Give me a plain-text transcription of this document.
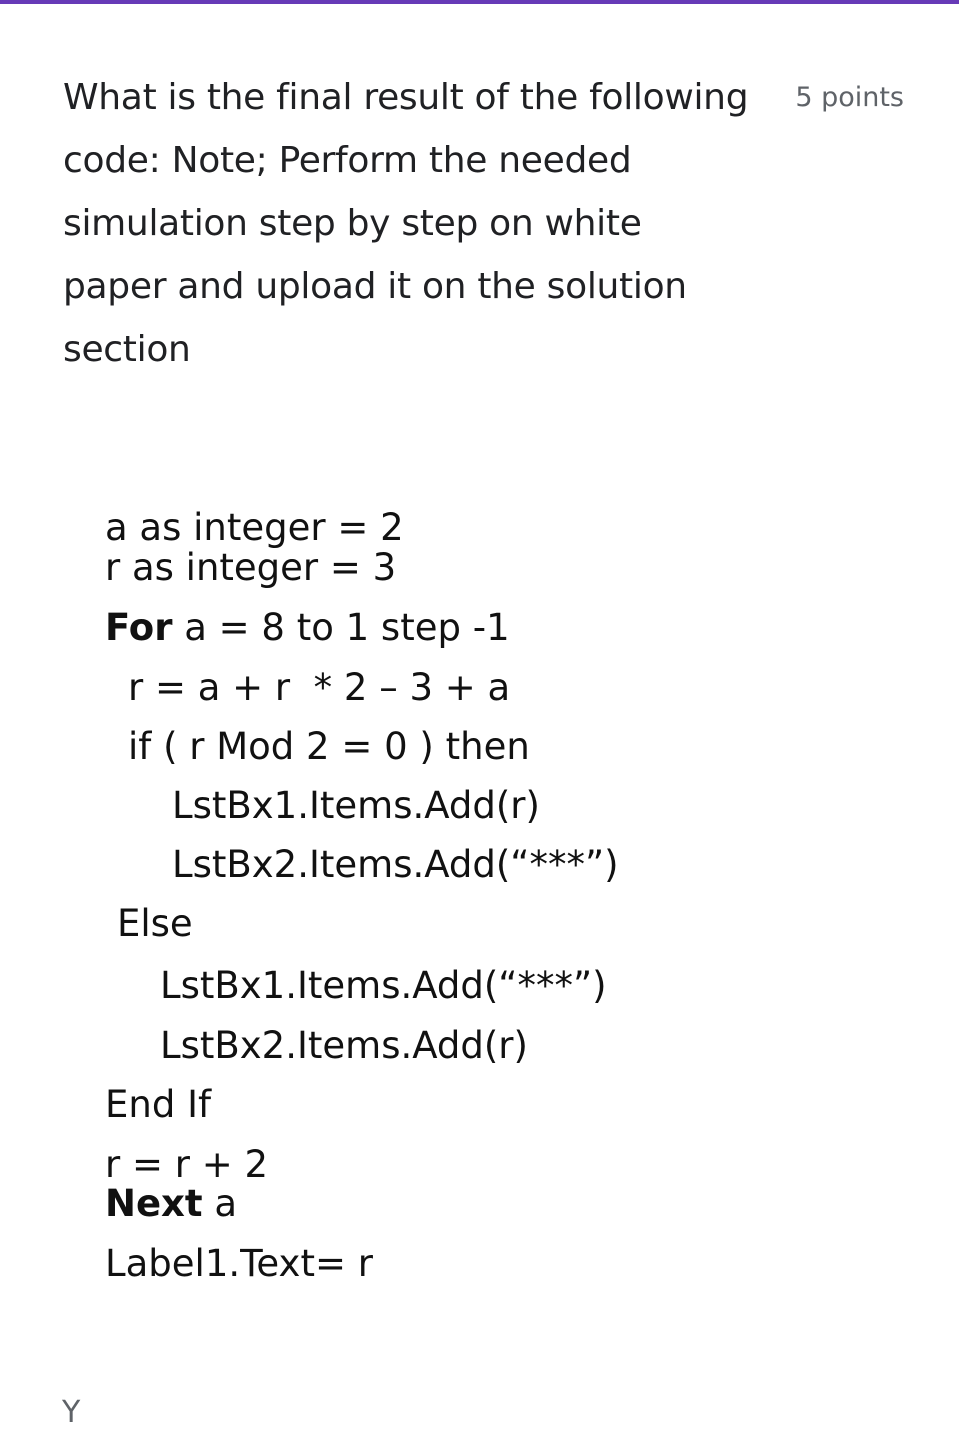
What is the final result of the following code: Note; Perform the needed simulation step by step on white paper and upload it on the solution section
5 points
a as integer = 2
r as integer = 3
For a = 8 to 1 step -1
r = a + r  * 2 – 3 + a
if ( r Mod 2 = 0 ) then
LstBx1.Items.Add(r)
LstBx2.Items.Add(“***”)
Else
LstBx1.Items.Add(“***”)
LstBx2.Items.Add(r)
End If
r = r + 2
Next a
Label1.Text= r
Y
